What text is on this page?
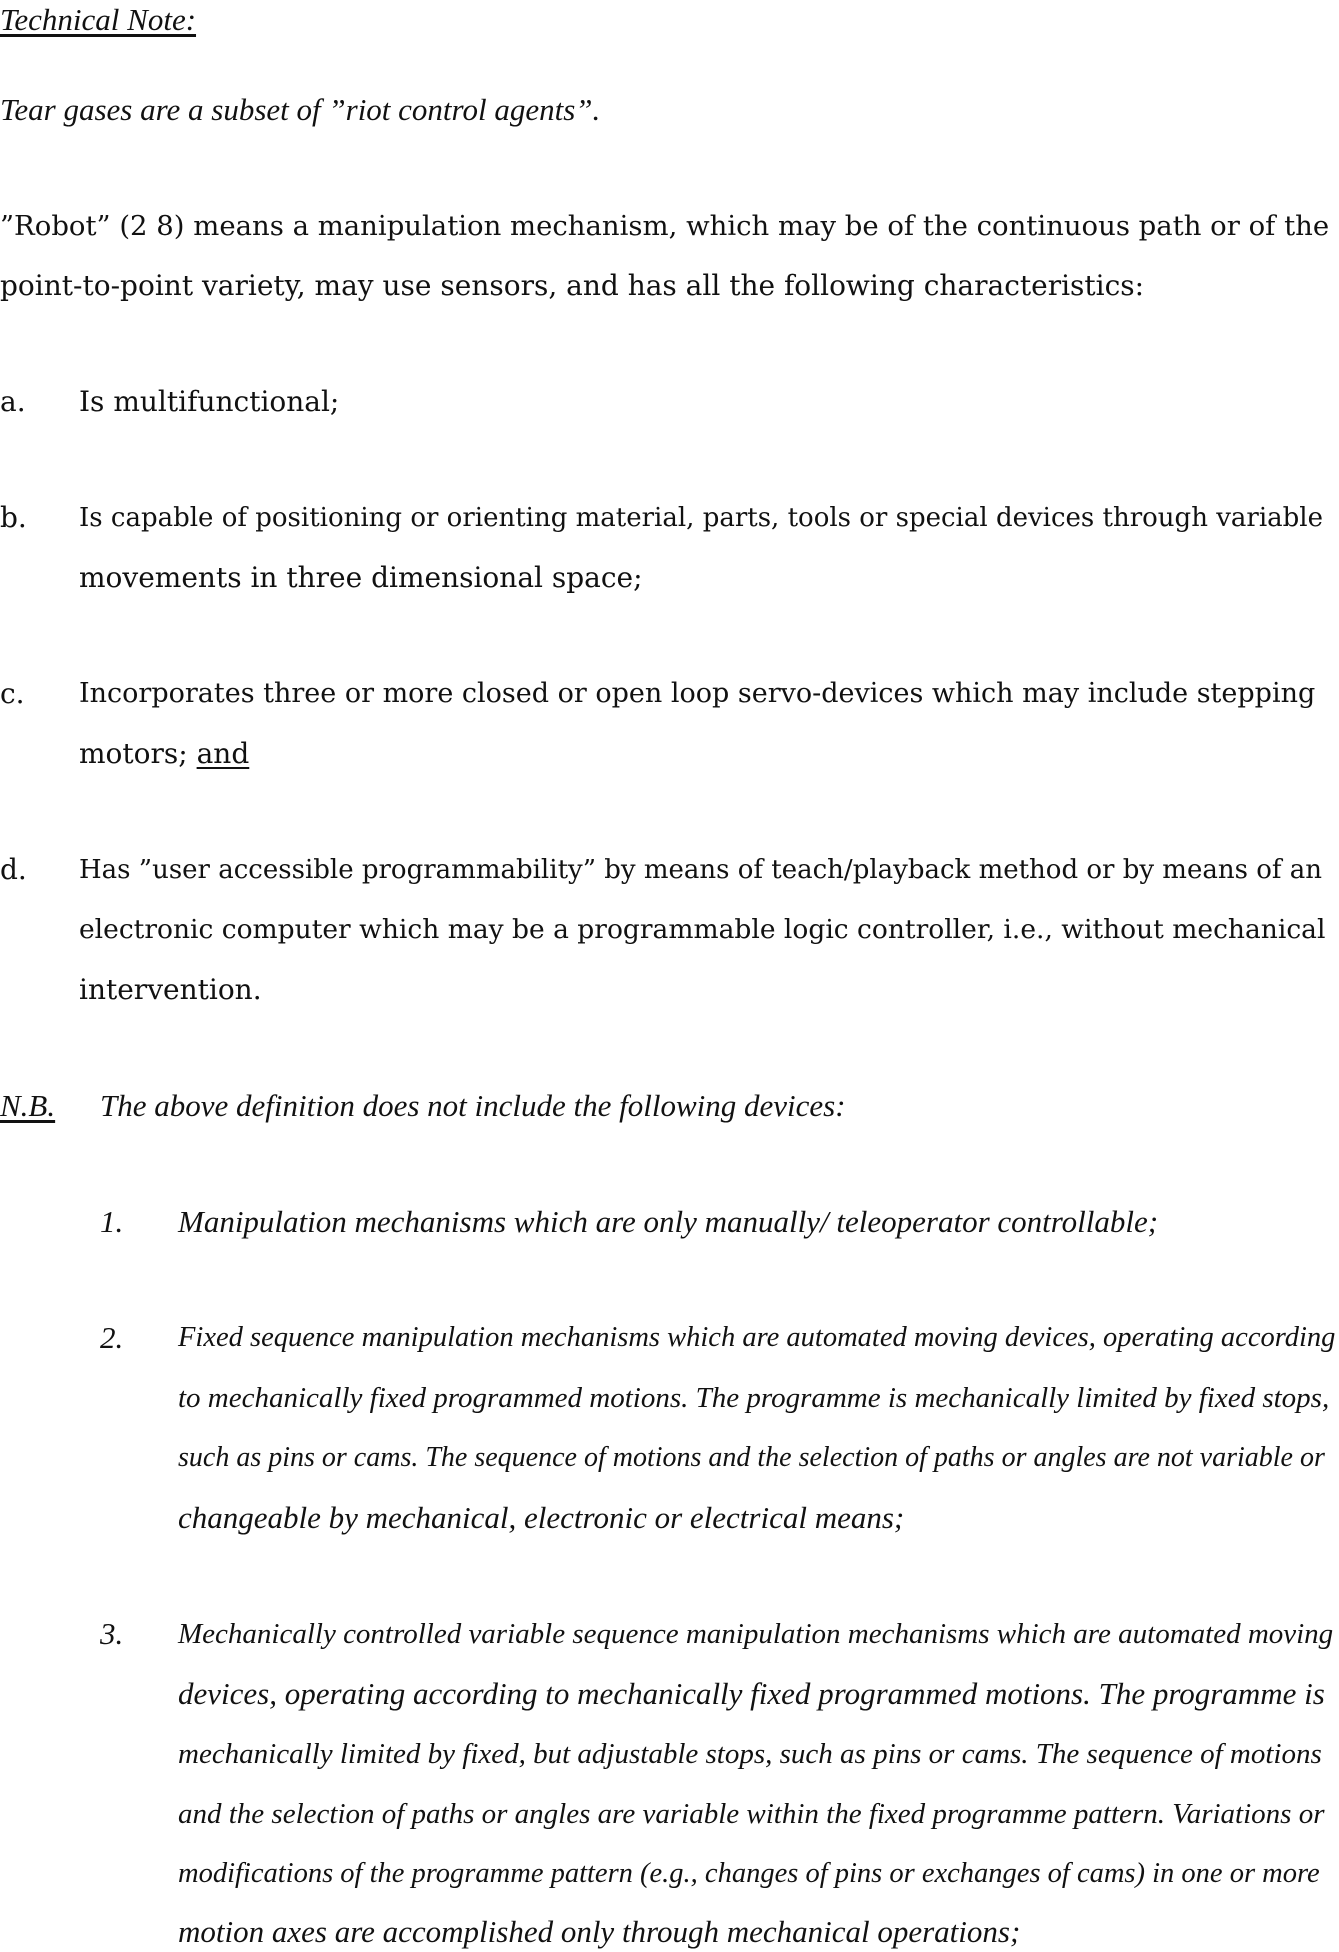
Technical Note:
Tear gases are a subset of ”riot control agents”.
”Robot” (2 8) means a manipulation mechanism, which may be of the continuous path or of the
point-to-point variety, may use sensors, and has all the following characteristics:
a. Is multifunctional;
b. Is capable of positioning or orienting material, parts, tools or special devices through variable
movements in three dimensional space;
c. Incorporates three or more closed or open loop servo-devices which may include stepping
motors; and
d. Has ”user accessible programmability” by means of teach/playback method or by means of an
electronic computer which may be a programmable logic controller, i.e., without mechanical
intervention.
N.B. The above definition does not include the following devices:
1. Manipulation mechanisms which are only manually/ teleoperator controllable;
2. Fixed sequence manipulation mechanisms which are automated moving devices, operating according
to mechanically fixed programmed motions. The programme is mechanically limited by fixed stops,
such as pins or cams. The sequence of motions and the selection of paths or angles are not variable or
changeable by mechanical, electronic or electrical means;
3. Mechanically controlled variable sequence manipulation mechanisms which are automated moving
devices, operating according to mechanically fixed programmed motions. The programme is
mechanically limited by fixed, but adjustable stops, such as pins or cams. The sequence of motions
and the selection of paths or angles are variable within the fixed programme pattern. Variations or
modifications of the programme pattern (e.g., changes of pins or exchanges of cams) in one or more
motion axes are accomplished only through mechanical operations;
